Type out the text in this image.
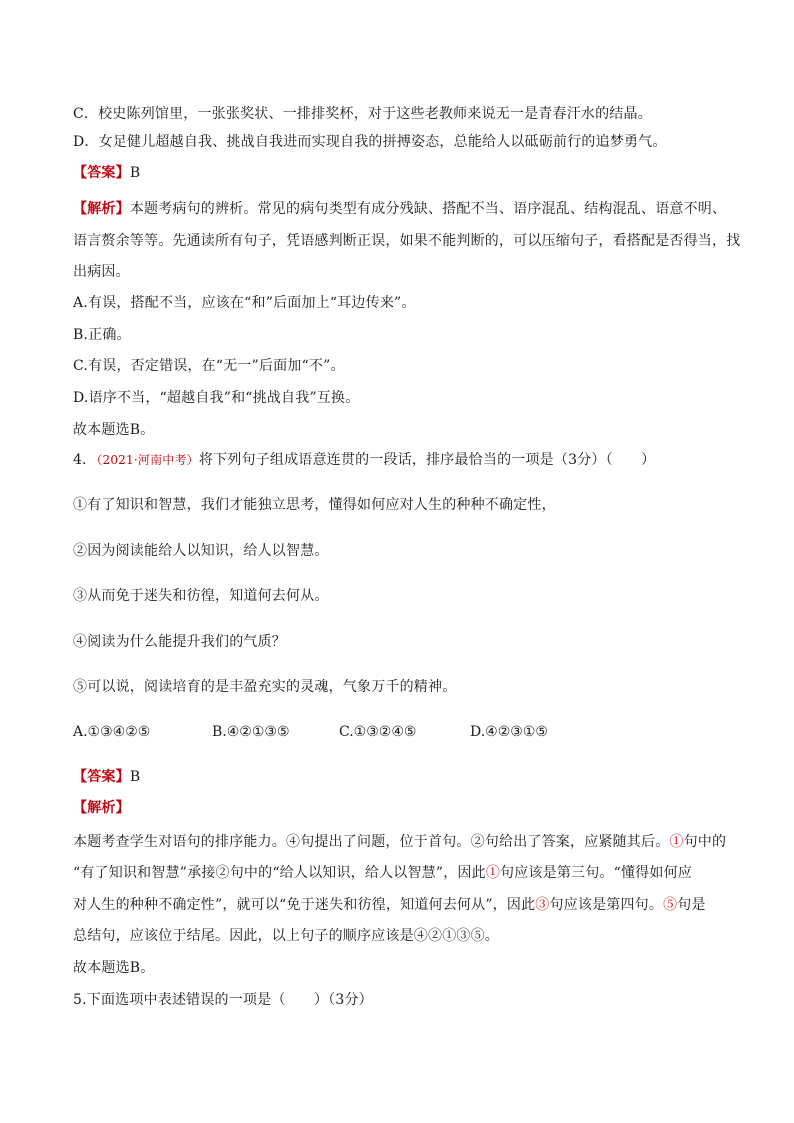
C．校史陈列馆里，一张张奖状、一排排奖杯，对于这些老教师来说无一是青春汗水的结晶。
D．女足健儿超越自我、挑战自我进而实现自我的拼搏姿态，总能给人以砥砺前行的追梦勇气。
【答案】B
【解析】本题考病句的辨析。常见的病句类型有成分残缺、搭配不当、语序混乱、结构混乱、语意不明、
语言赘余等等。先通读所有句子，凭语感判断正误，如果不能判断的，可以压缩句子，看搭配是否得当，找
出病因。
A.有误，搭配不当，应该在“和”后面加上“耳边传来”。
B.正确。
C.有误，否定错误，在“无一”后面加“不”。
D.语序不当，“超越自我”和“挑战自我”互换。
故本题选B。
4．（2021·河南中考）将下列句子组成语意连贯的一段话，排序最恰当的一项是（3分）（　　）
①有了知识和智慧，我们才能独立思考，懂得如何应对人生的种种不确定性，
②因为阅读能给人以知识，给人以智慧。
③从而免于迷失和彷徨，知道何去何从。
④阅读为什么能提升我们的气质？
⑤可以说，阅读培育的是丰盈充实的灵魂，气象万千的精神。
A.①③④②⑤	B.④②①③⑤	C.①③②④⑤	D.④②③①⑤
【答案】B
【解析】
本题考查学生对语句的排序能力。④句提出了问题，位于首句。②句给出了答案，应紧随其后。①句中的
“有了知识和智慧”承接②句中的“给人以知识，给人以智慧”，因此①句应该是第三句。“懂得如何应
对人生的种种不确定性”，就可以“免于迷失和彷徨，知道何去何从”，因此③句应该是第四句。⑤句是
总结句，应该位于结尾。因此，以上句子的顺序应该是④②①③⑤。
故本题选B。
5.下面选项中表述错误的一项是（　　）（3分）
